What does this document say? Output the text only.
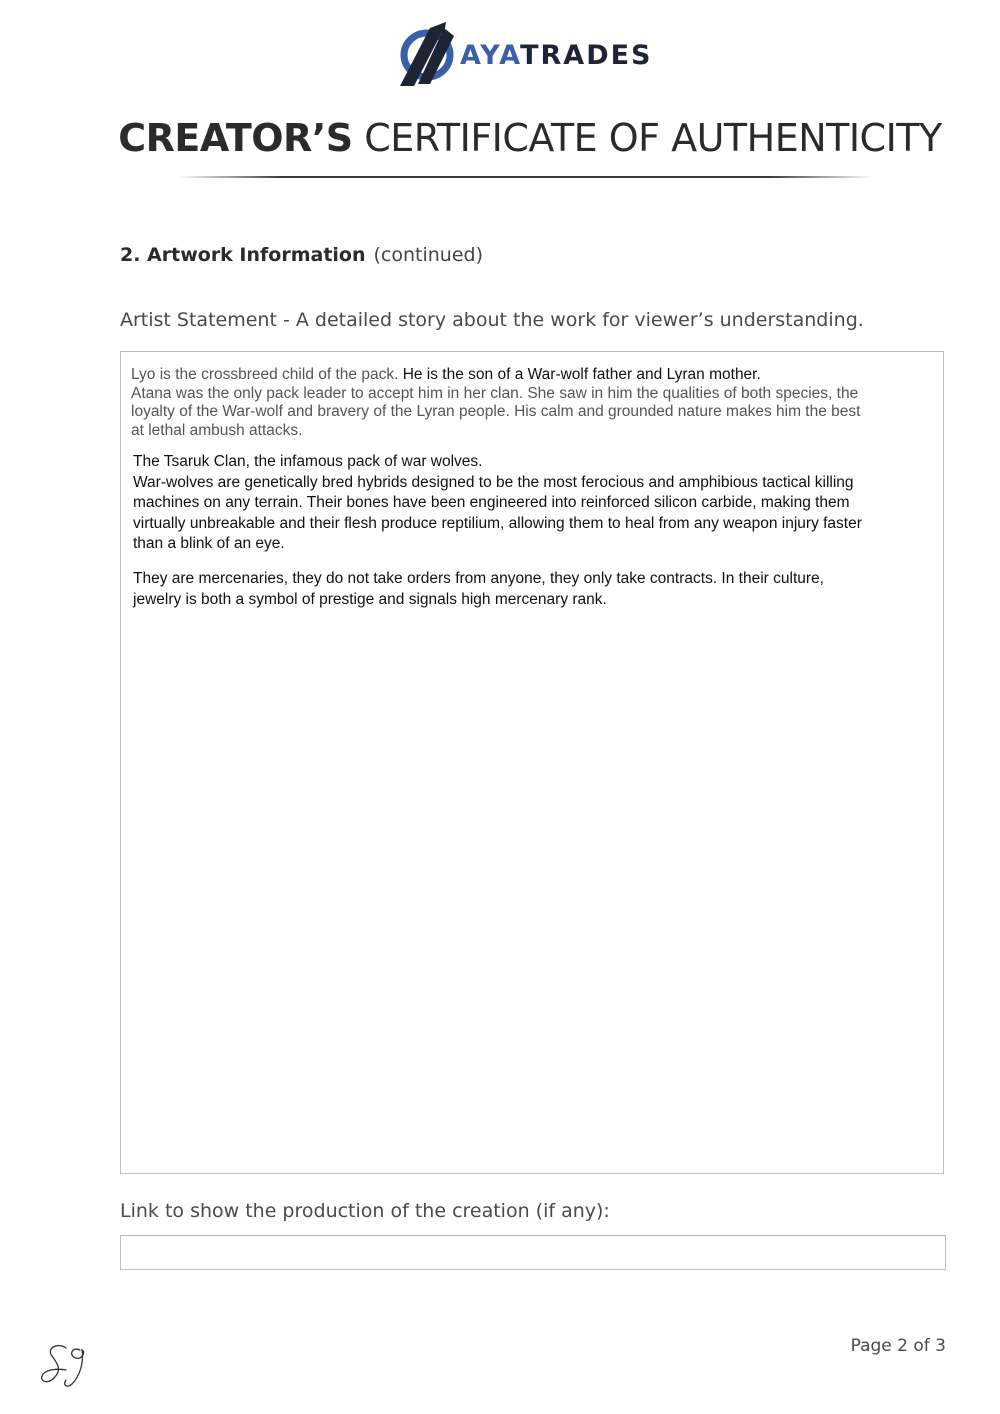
AYATRADES
CREATOR’S CERTIFICATE OF AUTHENTICITY
2. Artwork Information (continued)
Artist Statement - A detailed story about the work for viewer’s understanding.
Lyo is the crossbreed child of the pack. He is the son of a War-wolf father and Lyran mother.
Atana was the only pack leader to accept him in her clan. She saw in him the qualities of both species, the
loyalty of the War-wolf and bravery of the Lyran people. His calm and grounded nature makes him the best
at lethal ambush attacks.
The Tsaruk Clan, the infamous pack of war wolves.
War-wolves are genetically bred hybrids designed to be the most ferocious and amphibious tactical killing
machines on any terrain. Their bones have been engineered into reinforced silicon carbide, making them
virtually unbreakable and their flesh produce reptilium, allowing them to heal from any weapon injury faster
than a blink of an eye.
They are mercenaries, they do not take orders from anyone, they only take contracts. In their culture,
jewelry is both a symbol of prestige and signals high mercenary rank.
Link to show the production of the creation (if any):
Page 2 of 3
